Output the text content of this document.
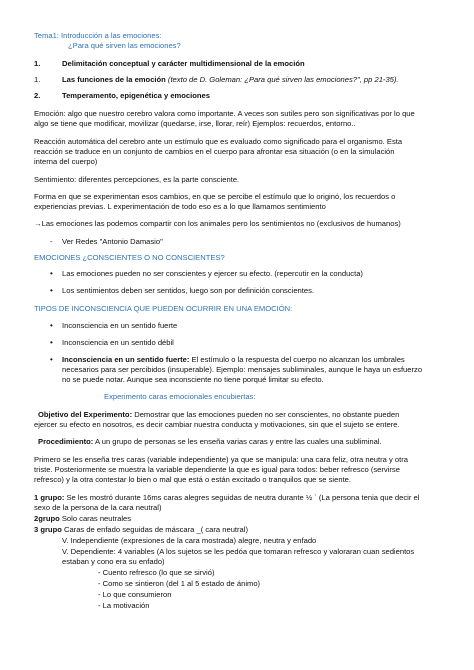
Tema1: Introducción a las emociones:
¿Para qué sirven las emociones?
1.	Delimitación conceptual y carácter multidimensional de la emoción
1.	Las funciones de la emoción (texto de D. Goleman: ¿Para qué sirven las emociones?", pp 21-35).
2.	Temperamento, epigenética y emociones
Emoción: algo que nuestro cerebro valora como importante. A veces son sutiles pero son significativas por lo que
algo se tiene que modificar, movilizar (quedarse, irse, llorar, reír) Ejemplos: recuerdos, entorno..
Reacción automática del cerebro ante un estímulo que es evaluado como significado para el organismo. Esta
reacción se traduce en un conjunto de cambios en el cuerpo para afrontar esa situación (o en la simulación
interna del cuerpo)
Sentimiento: diferentes percepciones, es la parte consciente.
Forma en que se experimentan esos cambios, en que se percibe el estímulo que lo originó, los recuerdos o
experiencias previas. L experimentación de todo eso es a lo que llamamos sentimiento
→Las emociones las podemos compartir con los animales pero los sentimientos no (exclusivos de humanos)
- Ver Redes "Antonio Damasio"
EMOCIONES ¿CONSCIENTES O NO CONSCIENTES?
• Las emociones pueden no ser conscientes y ejercer su efecto. (repercutir en la conducta)
• Los sentimientos deben ser sentidos, luego son por definición conscientes.
TIPOS DE INCONSCIENCIA QUE PUEDEN OCURRIR EN UNA EMOCIÓN:
• Inconsciencia en un sentido fuerte
• Inconsciencia en un sentido débil
• Inconsciencia en un sentido fuerte: El estímulo o la respuesta del cuerpo no alcanzan los umbrales
necesarios para ser percibidos (insuperable). Ejemplo: mensajes subliminales, aunque le haya un esfuerzo
no se puede notar. Aunque sea inconsciente no tiene porqué limitar su efecto.
Experimento caras emocionales encubiertas:
Objetivo del Experimento: Demostrar que las emociones pueden no ser conscientes, no obstante pueden
ejercer su efecto en nosotros, es decir cambiar nuestra conducta y motivaciones, sin que el sujeto se entere.
Procedimiento: A un grupo de personas se les enseña varias caras y entre las cuales una subliminal.
Primero se les enseña tres caras (variable independiente) ya que se manipula: una cara feliz, otra neutra y otra
triste. Posteriormente se muestra la variable dependiente la que es igual para todos: beber refresco (servirse
refresco) y la otra contestar lo bien o mal que está o están excitado o tranquilos que se siente.
1 grupo: Se les mostró durante 16ms caras alegres seguidas de neutra durante ½ ` (La persona tenia que decir el
sexo de la persona de la cara neutral)
2grupo Solo caras neutrales
3 grupo Caras de enfado seguidas de máscara _( cara neutral)
V. Independiente (expresiones de la cara mostrada) alegre, neutra y enfado
V. Dependiente: 4 variables (A los sujetos se les pedóa que tomaran refresco y valoraran cuan sedientos
estaban y cono era su enfado)
- Cuento refresco (lo que se sirvió)
- Como se sintieron (del 1 al 5 estado de ánimo)
- Lo que consumieron
- La motivación
